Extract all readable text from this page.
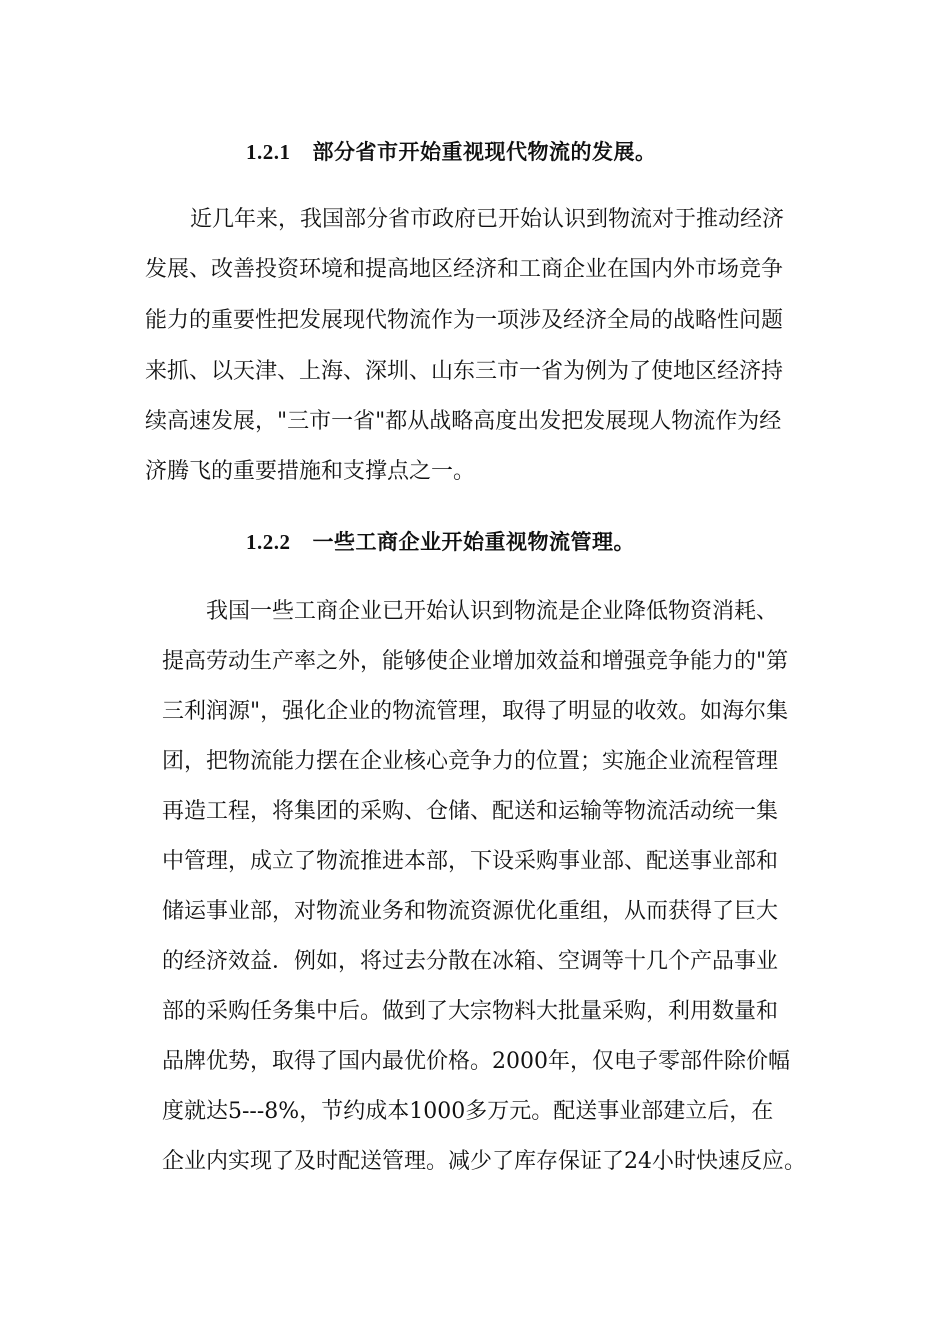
1.2.1 部分省市开始重视现代物流的发展。

近几年来，我国部分省市政府已开始认识到物流对于推动经济

发展、改善投资环境和提高地区经济和工商企业在国内外市场竞争

能力的重要性把发展现代物流作为一项涉及经济全局的战略性问题

来抓、以天津、上海、深圳、山东三市一省为例为了使地区经济持

续高速发展，"三市一省"都从战略高度出发把发展现人物流作为经

济腾飞的重要措施和支撑点之一。

1.2.2 一些工商企业开始重视物流管理。

我国一些工商企业已开始认识到物流是企业降低物资消耗、

提高劳动生产率之外，能够使企业增加效益和增强竞争能力的"第

三利润源"，强化企业的物流管理，取得了明显的收效。如海尔集

团，把物流能力摆在企业核心竞争力的位置；实施企业流程管理

再造工程，将集团的采购、仓储、配送和运输等物流活动统一集

中管理，成立了物流推进本部，下设采购事业部、配送事业部和

储运事业部，对物流业务和物流资源优化重组，从而获得了巨大

的经济效益．例如，将过去分散在冰箱、空调等十几个产品事业

部的采购任务集中后。做到了大宗物料大批量采购，利用数量和

品牌优势，取得了国内最优价格。2000年，仅电子零部件除价幅

度就达5---8%，节约成本1000多万元。配送事业部建立后，在

企业内实现了及时配送管理。减少了库存保证了24小时快速反应。
